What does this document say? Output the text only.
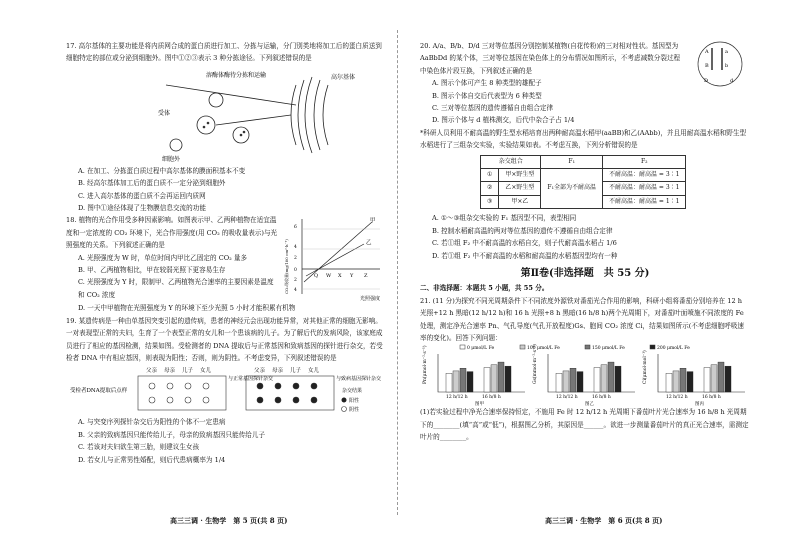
17. 高尔基体的主要功能是将内质网合成的蛋白质进行加工、分拣与运输，分门别类地将加工后的蛋白质送到细胞特定的部位或分泌到细胞外。图中①②③表示 3 种分拣途径。下列叙述错误的是

溶酶体酶待分拣和运输	高尔基体
受体
细胞外

A. 在加工、分拣蛋白质过程中高尔基体的膜面积基本不变

B. 经高尔基体加工后的蛋白质不一定分泌到细胞外

C. 进入高尔基体的蛋白质不会再运回内质网

D. 图中①途径体现了生物膜信息交流的功能

甲
乙
Q W X Y Z
光照强度
6
4
2
0
2
4
CO₂吸收量(mg/100 cm²·h⁻¹)

18. 植物的光合作用受多种因素影响。如图表示甲、乙两种植物在适宜温度和一定浓度的 CO₂ 环境下，光合作用强度(用 CO₂ 的吸收量表示)与光照强度的关系。下列叙述正确的是

A. 光照强度为 W 时，单位时间内甲比乙固定的 CO₂ 量多

B. 甲、乙两植物相比，甲在较弱光照下更容易生存

C. 光照强度为 Y 时，限制甲、乙两植物光合速率的主要因素是温度和 CO₂ 浓度

D. 一天中甲植物在光照强度为 Y 的环境下至少光照 5 小时才能积累有机物

19. 某遗传病是一种由单基因突变引起的遗传病，患者的神经元会出现功能异常，对其他正常的细胞无影响。一对表现型正常的夫妇，生育了一个表型正常的女儿和一个患该病的儿子。为了解后代的发病风险，该家庭成员进行了相应的基因检测，结果如图。受检测者的 DNA 提取后与正常基因和致病基因的探针进行杂交，若受检者 DNA 中有相应基因，则表现为阳性；否则，则为阴性。不考虑变异，下列叙述错误的是

受检者DNA提取后点样
父亲 母亲 儿子 女儿	父亲 母亲 儿子 女儿
与正常基因探针杂交	与致病基因探针杂交
杂交结果
阳性
阴性

A. 与突变序列探针杂交后为阳性的个体不一定患病

B. 父亲的致病基因只能传给儿子，母亲的致病基因只能传给儿子

C. 若该对夫妇欲生第三胎，则建议生女孩

D. 若女儿与正常男性婚配，则后代患病概率为 1/4

A
B
a
b
D	d

20. A/a、B/b、D/d 三对等位基因分别控制某植物(自花传粉)的三对相对性状。基因型为 AaBbDd 的某个体，三对等位基因在染色体上的分布情况如图所示，不考虑减数分裂过程中染色体片段互换，下列叙述正确的是

A. 图示个体可产生 8 种类型的雄配子

B. 图示个体自交后代表型为 6 种类型

C. 三对等位基因的遗传遵循自由组合定律

D. 图示个体与 d 植株测交，后代中杂合子占 1/4

*科研人员利用不耐高温的野生型水稻培育出两种耐高温水稻甲(aaBB)和乙(AAbb)，并且用耐高温水稻和野生型水稻进行了三组杂交实验，实验结果如表。不考虑互换，下列分析错误的是

杂交组合		F₁	F₂
①	甲×野生型	F₁全部为不耐高温	不耐高温：耐高温 = 3∶1
②	乙×野生型		不耐高温：耐高温 = 3∶1
③	甲×乙		不耐高温：耐高温 = 1∶1

A. ①～③组杂交实验的 F₁ 基因型不同，表型相同

B. 控制水稻耐高温的两对等位基因的遗传不遵循自由组合定律

C. 若①组 F₂ 中不耐高温的水稻自交，则子代耐高温水稻占 1/6

D. 若①组 F₂ 中不耐高温的水稻和耐高温的水稻基因型均有一种

第Ⅱ卷(非选择题　共 55 分)

二、非选择题：本题共 5 小题，共 55 分。

21. (11 分)为探究不同光周期条件下不同浓度外源铁对番茄光合作用的影响，科研小组将番茄分别培养在 12 h 光照+12 h 黑暗(12 h/12 h)和 16 h 光照+8 h 黑暗(16 h/8 h)两个光周期下，对番茄叶面喷施不同浓度的 Fe 处理，测定净光合速率 Pn、气孔导度(气孔开放程度)Gs、胞间 CO₂ 浓度 Ci，结果如图所示(不考虑细胞呼吸速率的变化)。回答下列问题：

0 μmol/L Fe	100 μmol/L Fe	150 μmol/L Fe	200 μmol/L Fe
Pn(μmol·m⁻²·s⁻¹)	Gs(mmol·m⁻²·s⁻¹)	Ci(μmol·mol⁻¹)
12 h/12 h	16 h/8 h	12 h/12 h	16 h/8 h	12 h/12 h	16 h/8 h
图甲	图乙	图丙

(1)若实验过程中净光合速率保持恒定，不施用 Fe 时 12 h/12 h 光周期下番茄叶片光合速率为 16 h/8 h 光周期下的________(填“高”或“低”)，根据图乙分析，其原因是______。欲进一步测量番茄叶片的真正光合速率，需测定叶片的________。

高三三调 · 生物学　第 5 页(共 8 页)	高三三调 · 生物学　第 6 页(共 8 页)
